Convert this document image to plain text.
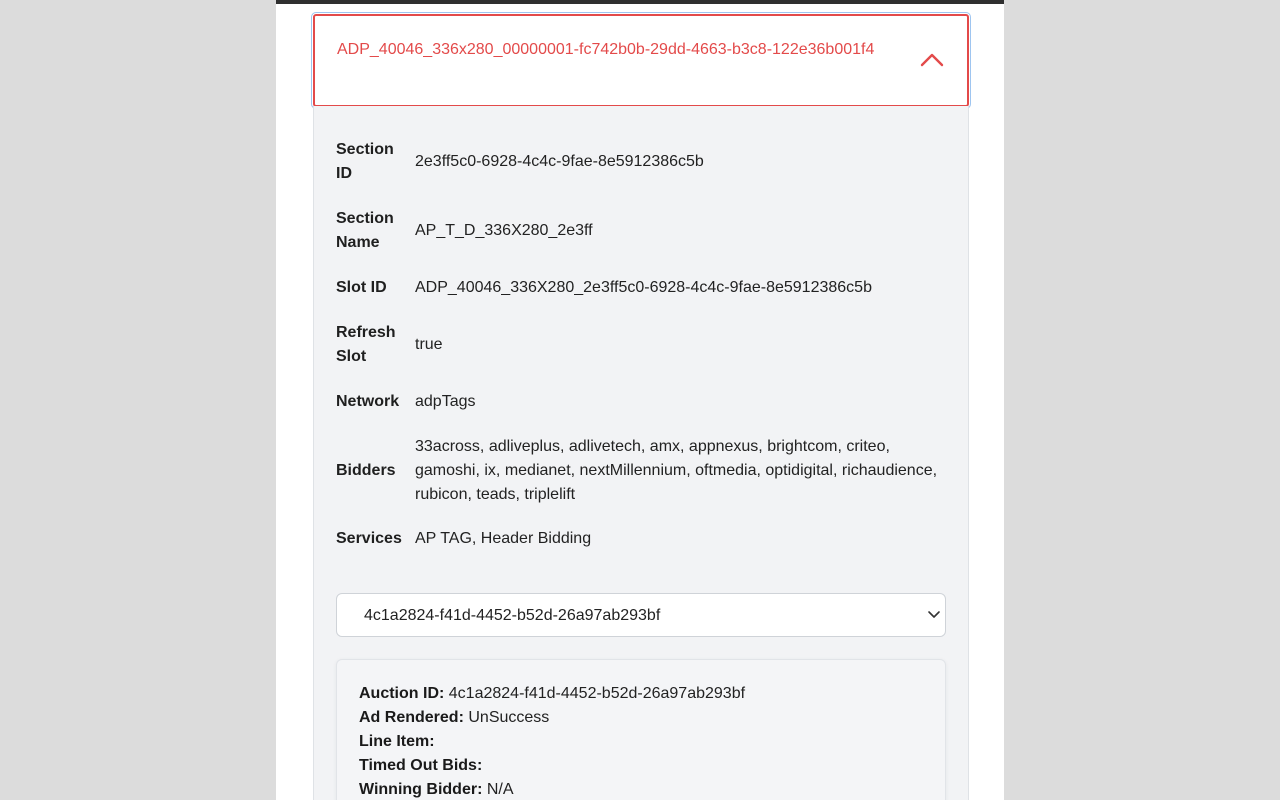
ADP_40046_336x280_00000001-fc742b0b-29dd-4663-b3c8-122e36b001f4
Section ID
2e3ff5c0-6928-4c4c-9fae-8e5912386c5b
Section Name
AP_T_D_336X280_2e3ff
Slot ID	ADP_40046_336X280_2e3ff5c0-6928-4c4c-9fae-8e5912386c5b
Refresh Slot
true
Network adpTags
Bidders
33across, adliveplus, adlivetech, amx, appnexus, brightcom, criteo, gamoshi, ix, medianet, nextMillennium, oftmedia, optidigital, richaudience, rubicon, teads, triplelift
Services AP TAG, Header Bidding
4c1a2824-f41d-4452-b52d-26a97ab293bf
Auction ID: 4c1a2824-f41d-4452-b52d-26a97ab293bf
Ad Rendered: UnSuccess
Line Item:
Timed Out Bids:
Winning Bidder: N/A
